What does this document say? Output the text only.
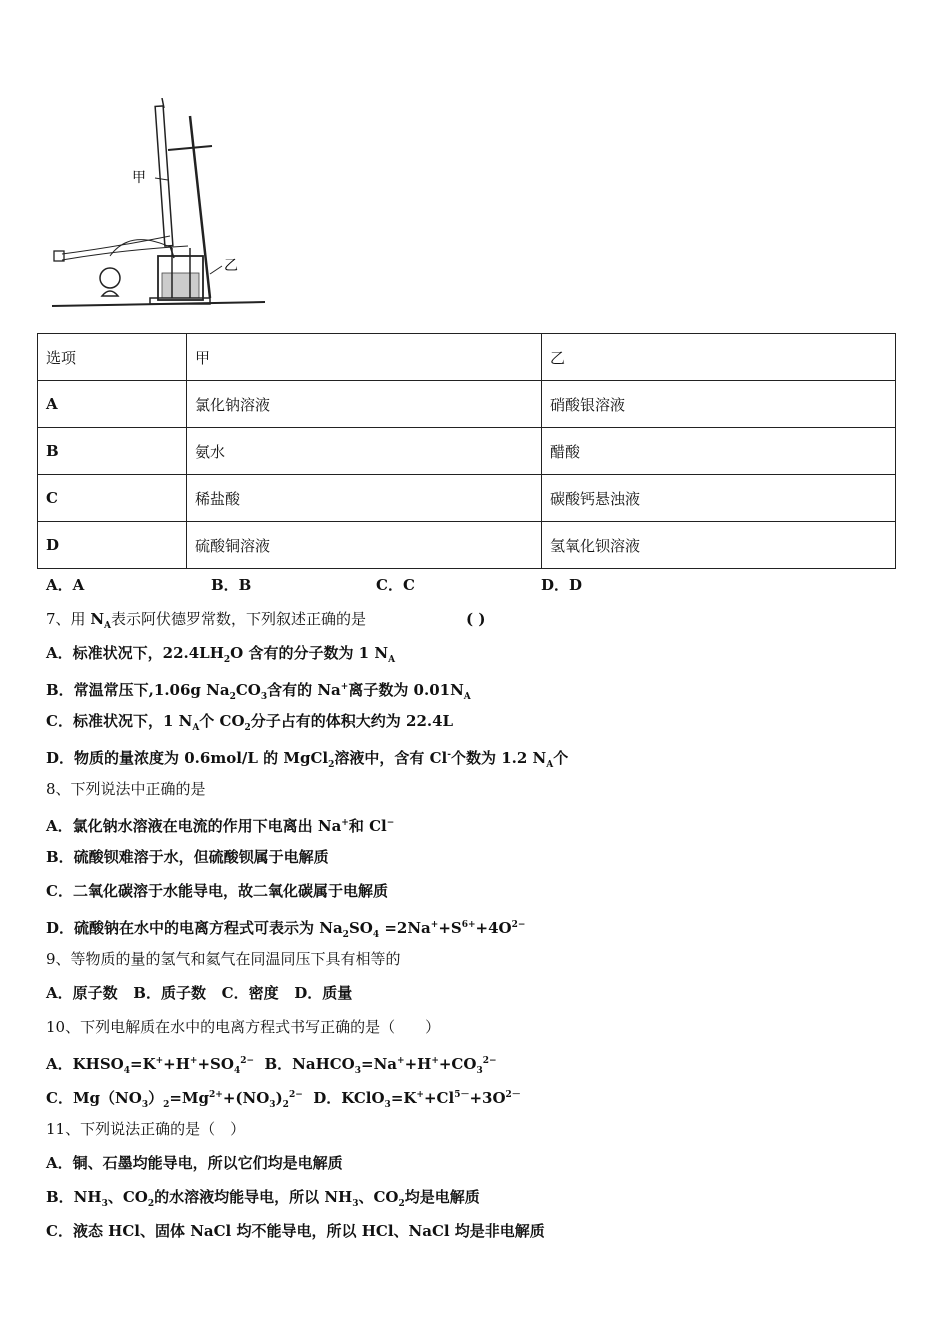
甲
乙
选项	甲	乙
A	氯化钠溶液	硝酸银溶液
B	氨水	醋酸
C	稀盐酸	碳酸钙悬浊液
D	硫酸铜溶液	氢氧化钡溶液
A．A	B．B	C．C	D．D
7、用 $N_A$表示阿伏德罗常数，下列叙述正确的是	( )
A．标准状况下，$22.4LH_2O$ 含有的分子数为 1 $N_A$
B．常温常压下,1.06g $Na_2CO_3$含有的 Na+离子数为 $0.01N_A$
C．标准状况下，1 $N_A$个 $CO_2$分子占有的体积大约为 22.4L
D．物质的量浓度为 0.6mol/L 的 MgCl$_2$溶液中，含有 Cl-个数为 1.2 $N_A$个
8、下列说法中正确的是
A．氯化钠水溶液在电流的作用下电离出 Na+和 Cl−
B．硫酸钡难溶于水，但硫酸钡属于电解质
C．二氧化碳溶于水能导电，故二氧化碳属于电解质
D．硫酸钠在水中的电离方程式可表示为 $Na_2SO_4 =2Na^++S^{6+}+4O^{2-}$
9、等物质的量的氢气和氦气在同温同压下具有相等的
A．原子数   B．质子数   C．密度   D．质量
10、下列电解质在水中的电离方程式书写正确的是（　　）
A．$KHSO_4=K^++H^++SO_4^{2-}$  B．$NaHCO_3=Na^++H^++CO_3^{2-}$
C．$Mg(NO_3)_2=Mg^{2+}+(NO_3)_2^{2-}$  D．$KClO_3=K^++Cl^{5-}+3O^{2-}$
11、下列说法正确的是（　）
A．铜、石墨均能导电，所以它们均是电解质
B．$NH_3$、$CO_2$的水溶液均能导电，所以 $NH_3$、$CO_2$均是电解质
C．液态 HCl、固体 NaCl 均不能导电，所以 HCl、NaCl 均是非电解质
